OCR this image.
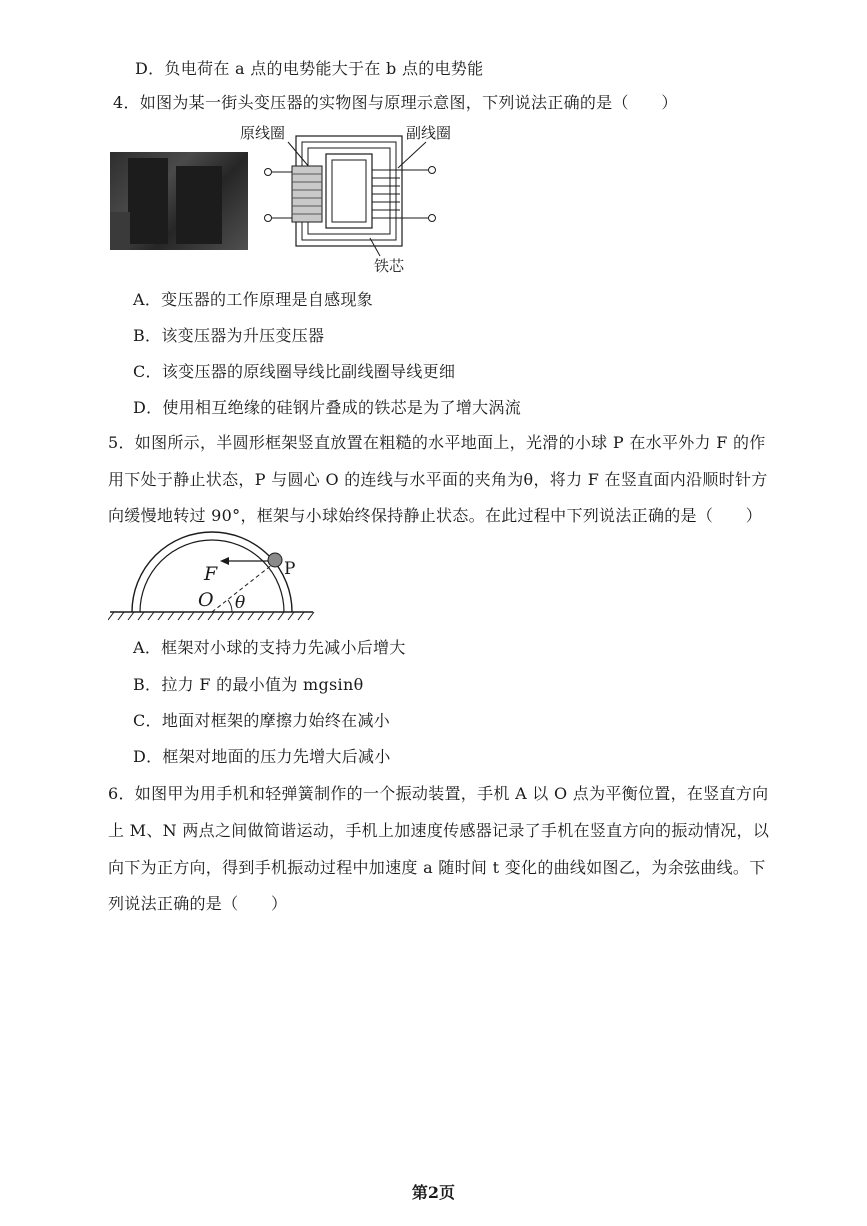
D．负电荷在 a 点的电势能大于在 b 点的电势能
4．如图为某一街头变压器的实物图与原理示意图，下列说法正确的是（　　）
原线圈	副线圈
铁芯
A．变压器的工作原理是自感现象
B．该变压器为升压变压器
C．该变压器的原线圈导线比副线圈导线更细
D．使用相互绝缘的硅钢片叠成的铁芯是为了增大涡流
5．如图所示，半圆形框架竖直放置在粗糙的水平地面上，光滑的小球 P 在水平外力 F 的作
用下处于静止状态，P 与圆心 O 的连线与水平面的夹角为θ，将力 F 在竖直面内沿顺时针方
向缓慢地转过 90°，框架与小球始终保持静止状态。在此过程中下列说法正确的是（　　）
F	P
O θ
A．框架对小球的支持力先减小后增大
B．拉力 F 的最小值为 mgsinθ
C．地面对框架的摩擦力始终在减小
D．框架对地面的压力先增大后减小
6．如图甲为用手机和轻弹簧制作的一个振动装置，手机 A 以 O 点为平衡位置，在竖直方向
上 M、N 两点之间做简谐运动，手机上加速度传感器记录了手机在竖直方向的振动情况，以
向下为正方向，得到手机振动过程中加速度 a 随时间 t 变化的曲线如图乙，为余弦曲线。下
列说法正确的是（　　）
第2页
